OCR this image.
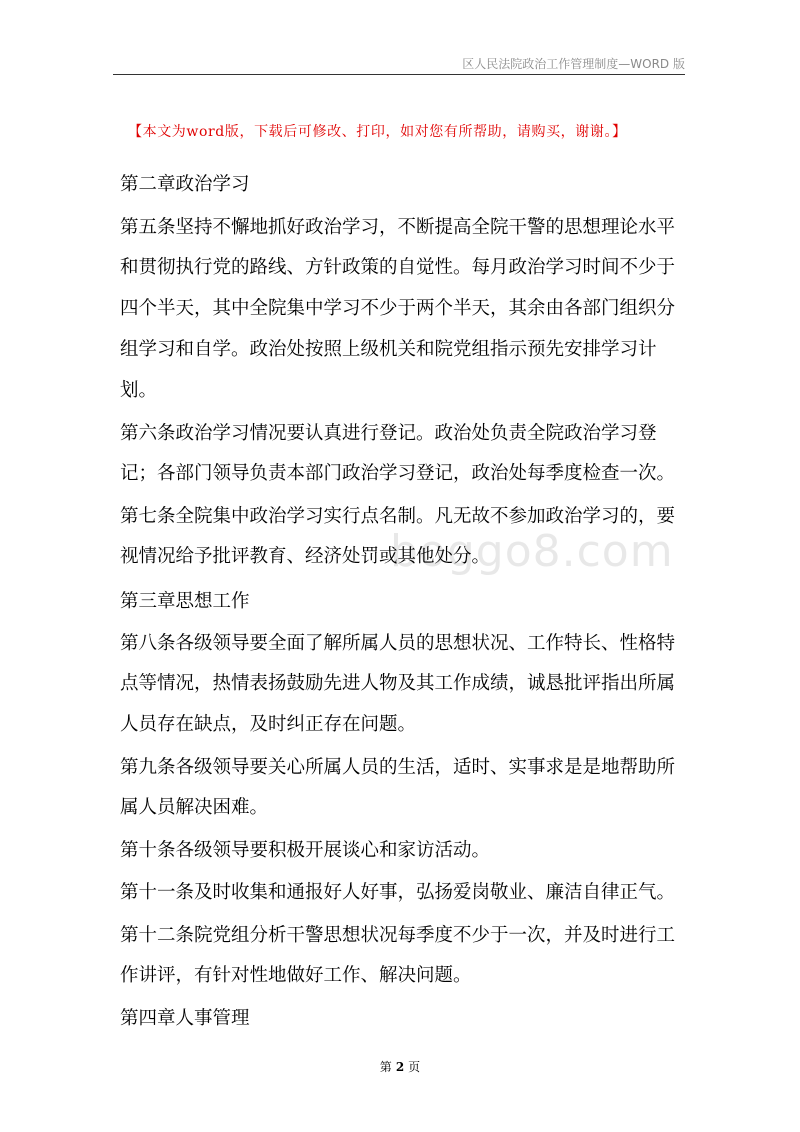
区人民法院政治工作管理制度—WORD 版
【本文为word版，下载后可修改、打印，如对您有所帮助，请购买，谢谢。】
boggo8.com
第二章政治学习
第五条坚持不懈地抓好政治学习，不断提高全院干警的思想理论水平
和贯彻执行党的路线、方针政策的自觉性。每月政治学习时间不少于
四个半天，其中全院集中学习不少于两个半天，其余由各部门组织分
组学习和自学。政治处按照上级机关和院党组指示预先安排学习计
划。
第六条政治学习情况要认真进行登记。政治处负责全院政治学习登
记；各部门领导负责本部门政治学习登记，政治处每季度检查一次。
第七条全院集中政治学习实行点名制。凡无故不参加政治学习的，要
视情况给予批评教育、经济处罚或其他处分。
第三章思想工作
第八条各级领导要全面了解所属人员的思想状况、工作特长、性格特
点等情况，热情表扬鼓励先进人物及其工作成绩，诚恳批评指出所属
人员存在缺点，及时纠正存在问题。
第九条各级领导要关心所属人员的生活，适时、实事求是是地帮助所
属人员解决困难。
第十条各级领导要积极开展谈心和家访活动。
第十一条及时收集和通报好人好事，弘扬爱岗敬业、廉洁自律正气。
第十二条院党组分析干警思想状况每季度不少于一次，并及时进行工
作讲评，有针对性地做好工作、解决问题。
第四章人事管理
第 2 页
